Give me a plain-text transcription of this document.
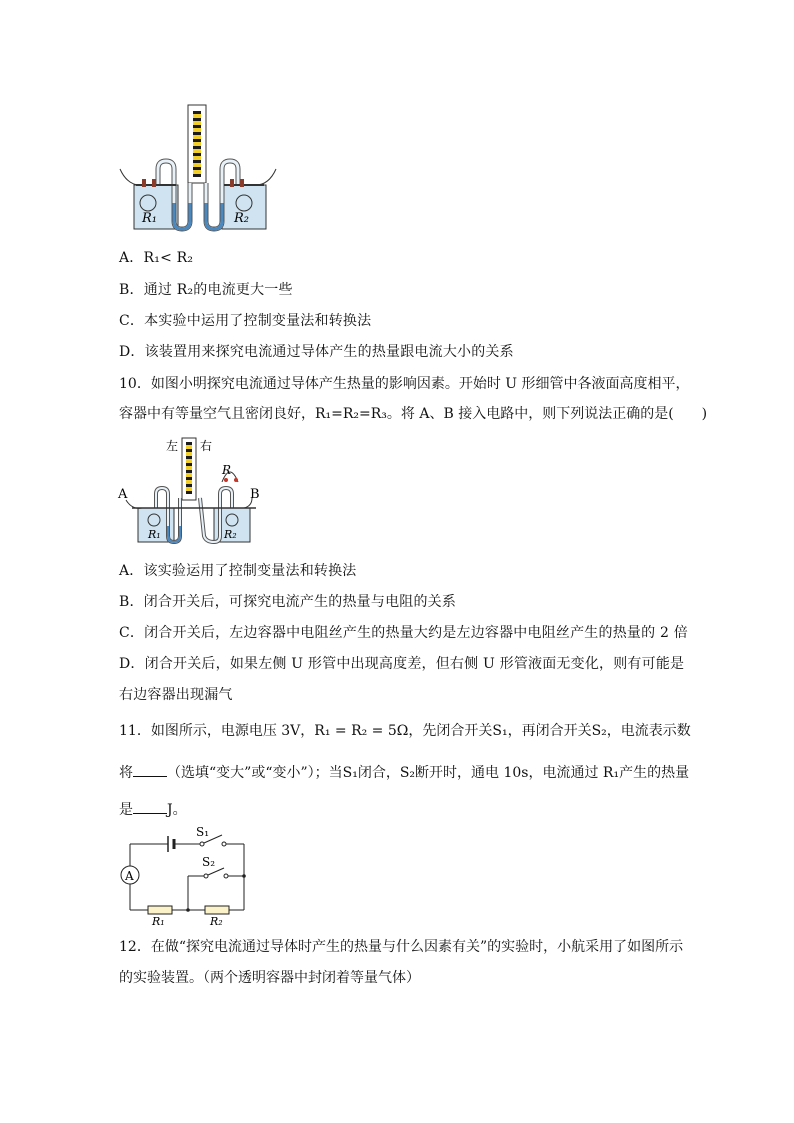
R₁	R₂
A．R₁< R₂
B．通过 R₂的电流更大一些
C．本实验中运用了控制变量法和转换法
D．该装置用来探究电流通过导体产生的热量跟电流大小的关系
10．如图小明探究电流通过导体产生热量的影响因素。开始时 U 形细管中各液面高度相平，
容器中有等量空气且密闭良好，R₁=R₂=R₃。将 A、B 接入电路中，则下列说法正确的是(　　)
左 右
A	B
R
R₁	R₂
A．该实验运用了控制变量法和转换法
B．闭合开关后，可探究电流产生的热量与电阻的关系
C．闭合开关后，左边容器中电阻丝产生的热量大约是左边容器中电阻丝产生的热量的 2 倍
D．闭合开关后，如果左侧 U 形管中出现高度差，但右侧 U 形管液面无变化，则有可能是
右边容器出现漏气
11．如图所示，电源电压 3V，R₁ = R₂ = 5Ω，先闭合开关S₁，再闭合开关S₂，电流表示数
将 （选填“变大”或“变小”）；当S₁闭合，S₂断开时，通电 10s，电流通过 R₁产生的热量
是 J。
S₁
A
R₁	R₂
S₂
12．在做“探究电流通过导体时产生的热量与什么因素有关”的实验时，小航采用了如图所示
的实验装置。（两个透明容器中封闭着等量气体）
